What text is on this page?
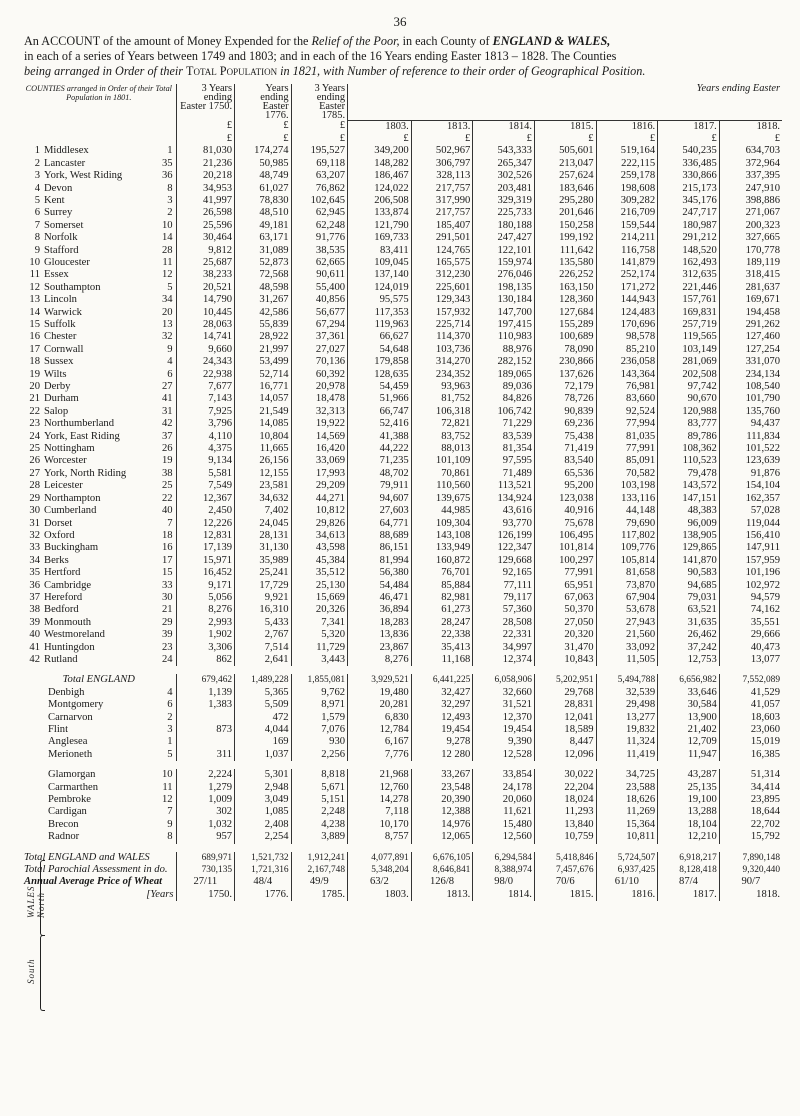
36
An ACCOUNT of the amount of Money Expended for the Relief of the Poor, in each County of ENGLAND & WALES,
in each of a series of Years between 1749 and 1803; and in each of the 16 Years ending Easter 1813 – 1828. The Counties
being arranged in Order of their Total Population in 1821, with Number of reference to their order of Geographical Position.
COUNTIES arranged in Order of their Total Population in 1801.	3 Years ending Easter 1750.	Years ending Easter 1776.	3 Years ending Easter 1785.	Years ending Easter						
	£	£	£	1803.	1813.	1814.	1815.	1816.	1817.	1818.
	£	£	£	£	£	£	£	£	£	£
1 Middlesex 1	81,030	174,274	195,527	349,200	502,967	543,333	505,601	519,164	540,235	634,703
2 Lancaster 35	21,236	50,985	69,118	148,282	306,797	265,347	213,047	222,115	336,485	372,964
3 York, West Riding 36	20,218	48,749	63,207	186,467	328,113	302,526	257,624	259,178	330,866	337,395
4 Devon 8	34,953	61,027	76,862	124,022	217,757	203,481	183,646	198,608	215,173	247,910
5 Kent 3	41,997	78,830	102,645	206,508	317,990	329,319	295,280	309,282	345,176	398,886
6 Surrey 2	26,598	48,510	62,945	133,874	217,757	225,733	201,646	216,709	247,717	271,067
7 Somerset 10	25,596	49,181	62,248	121,790	185,407	180,188	150,258	159,544	180,987	200,323
8 Norfolk 14	30,464	63,171	91,776	169,733	291,501	247,427	199,192	214,211	291,212	327,665
9 Stafford 28	9,812	31,089	38,535	83,411	124,765	122,101	111,642	116,758	148,520	170,778
10 Gloucester 11	25,687	52,873	62,665	109,045	165,575	159,974	135,580	141,879	162,493	189,119
11 Essex 12	38,233	72,568	90,611	137,140	312,230	276,046	226,252	252,174	312,635	318,415
12 Southampton 5	20,521	48,598	55,400	124,019	225,601	198,135	163,150	171,272	221,446	281,637
13 Lincoln 34	14,790	31,267	40,856	95,575	129,343	130,184	128,360	144,943	157,761	169,671
14 Warwick 20	10,445	42,586	56,677	117,353	157,932	147,700	127,684	124,483	169,831	194,458
15 Suffolk 13	28,063	55,839	67,294	119,963	225,714	197,415	155,289	170,696	257,719	291,262
16 Chester 32	14,741	28,922	37,361	66,627	114,370	110,983	100,689	98,578	119,565	127,460
17 Cornwall 9	9,660	21,997	27,027	54,648	103,736	88,976	78,090	85,210	103,149	127,254
18 Sussex 4	24,343	53,499	70,136	179,858	314,270	282,152	230,866	236,058	281,069	331,070
19 Wilts 6	22,938	52,714	60,392	128,635	234,352	189,065	137,626	143,364	202,508	234,134
20 Derby 27	7,677	16,771	20,978	54,459	93,963	89,036	72,179	76,981	97,742	108,540
21 Durham 41	7,143	14,057	18,478	51,966	81,752	84,826	78,726	83,660	90,670	101,790
22 Salop 31	7,925	21,549	32,313	66,747	106,318	106,742	90,839	92,524	120,988	135,760
23 Northumberland 42	3,796	14,085	19,922	52,416	72,821	71,229	69,236	77,994	83,777	94,437
24 York, East Riding 37	4,110	10,804	14,569	41,388	83,752	83,539	75,438	81,035	89,786	111,834
25 Nottingham 26	4,375	11,665	16,420	44,222	88,013	81,354	71,419	77,991	108,362	101,522
26 Worcester 19	9,134	26,156	33,069	71,235	101,109	97,595	83,540	85,091	110,523	123,639
27 York, North Riding 38	5,581	12,155	17,993	48,702	70,861	71,489	65,536	70,582	79,478	91,876
28 Leicester 25	7,549	23,581	29,209	79,911	110,560	113,521	95,200	103,198	143,572	154,104
29 Northampton 22	12,367	34,632	44,271	94,607	139,675	134,924	123,038	133,116	147,151	162,357
30 Cumberland 40	2,450	7,402	10,812	27,603	44,985	43,616	40,916	44,148	48,383	57,028
31 Dorset 7	12,226	24,045	29,826	64,771	109,304	93,770	75,678	79,690	96,009	119,044
32 Oxford 18	12,831	28,131	34,613	88,689	143,108	126,199	106,495	117,802	138,905	156,410
33 Buckingham 16	17,139	31,130	43,598	86,151	133,949	122,347	101,814	109,776	129,865	147,911
34 Berks 17	15,971	35,989	45,384	81,994	160,872	129,668	100,297	105,814	141,870	157,959
35 Hertford 15	16,452	25,241	35,512	56,380	76,701	92,165	77,991	81,658	90,583	101,196
36 Cambridge 33	9,171	17,729	25,130	54,484	85,884	77,111	65,951	73,870	94,685	102,972
37 Hereford 30	5,056	9,921	15,669	46,471	82,981	79,117	67,063	67,904	79,031	94,579
38 Bedford 21	8,276	16,310	20,326	36,894	61,273	57,360	50,370	53,678	63,521	74,162
39 Monmouth 29	2,993	5,433	7,341	18,283	28,247	28,508	27,050	27,943	31,635	35,551
40 Westmoreland 39	1,902	2,767	5,320	13,836	22,338	22,331	20,320	21,560	26,462	29,666
41 Huntingdon 23	3,306	7,514	11,729	23,867	35,413	34,997	31,470	33,092	37,242	40,473
42 Rutland 24	862	2,641	3,443	8,276	11,168	12,374	10,843	11,505	12,753	13,077

Total ENGLAND	679,462	1,489,228	1,855,081	3,929,521	6,441,225	6,058,906	5,202,951	5,494,788	6,656,982	7,552,089
Denbigh 4	1,139	5,365	9,762	19,480	32,427	32,660	29,768	32,539	33,646	41,529
Montgomery 6	1,383	5,509	8,971	20,281	32,297	31,521	28,831	29,498	30,584	41,057
Carnarvon 2		472	1,579	6,830	12,493	12,370	12,041	13,277	13,900	18,603
Flint 3	873	4,044	7,076	12,784	19,454	19,454	18,589	19,832	21,402	23,060
Anglesea 1		169	930	6,167	9,278	9,390	8,447	11,324	12,709	15,019
Merioneth 5	311	1,037	2,256	7,776	12 280	12,528	12,096	11,419	11,947	16,385

Glamorgan 10	2,224	5,301	8,818	21,968	33,267	33,854	30,022	34,725	43,287	51,314
Carmarthen 11	1,279	2,948	5,671	12,760	23,548	24,178	22,204	23,588	25,135	34,414
Pembroke 12	1,009	3,049	5,151	14,278	20,390	20,060	18,024	18,626	19,100	23,895
Cardigan 7	302	1,085	2,248	7,118	12,388	11,621	11,293	11,269	13,288	18,644
Brecon 9	1,032	2,408	4,238	10,170	14,976	15,480	13,840	15,364	18,104	22,702
Radnor 8	957	2,254	3,889	8,757	12,065	12,560	10,759	10,811	12,210	15,792

Total ENGLAND and WALES	689,971	1,521,732	1,912,241	4,077,891	6,676,105	6,294,584	5,418,846	5,724,507	6,918,217	7,890,148
Total Parochial Assessment in do.	730,135	1,721,316	2,167,748	5,348,204	8,646,841	8,388,974	7,457,676	6,937,425	8,128,418	9,320,440
Annual Average Price of Wheat	27/11	48/4	49/9	63/2	126/8	98/0	70/6	61/10	87/4	90/7
[Years	1750.	1776.	1785.	1803.	1813.	1814.	1815.	1816.	1817.	1818.
WALES North
South
